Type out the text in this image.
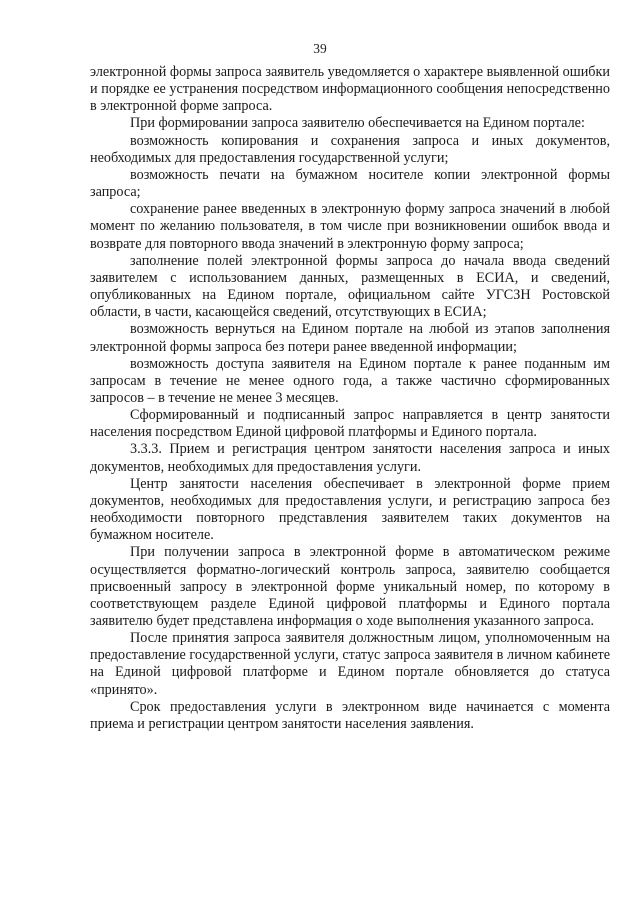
39

электронной формы запроса заявитель уведомляется о характере выявленной ошибки и порядке ее устранения посредством информационного сообщения непосредственно в электронной форме запроса.

При формировании запроса заявителю обеспечивается на Едином портале:

возможность копирования и сохранения запроса и иных документов, необходимых для предоставления государственной услуги;

возможность печати на бумажном носителе копии электронной формы запроса;

сохранение ранее введенных в электронную форму запроса значений в любой момент по желанию пользователя, в том числе при возникновении ошибок ввода и возврате для повторного ввода значений в электронную форму запроса;

заполнение полей электронной формы запроса до начала ввода сведений заявителем с использованием данных, размещенных в ЕСИА, и сведений, опубликованных на Едином портале, официальном сайте УГСЗН Ростовской области, в части, касающейся сведений, отсутствующих в ЕСИА;

возможность вернуться на Едином портале на любой из этапов заполнения электронной формы запроса без потери ранее введенной информации;

возможность доступа заявителя на Едином портале к ранее поданным им запросам в течение не менее одного года, а также частично сформированных запросов – в течение не менее 3 месяцев.

Сформированный и подписанный запрос направляется в центр занятости населения посредством Единой цифровой платформы и Единого портала.

3.3.3. Прием и регистрация центром занятости населения запроса и иных документов, необходимых для предоставления услуги.

Центр занятости населения обеспечивает в электронной форме прием документов, необходимых для предоставления услуги, и регистрацию запроса без необходимости повторного представления заявителем таких документов на бумажном носителе.

При получении запроса в электронной форме в автоматическом режиме осуществляется форматно-логический контроль запроса, заявителю сообщается присвоенный запросу в электронной форме уникальный номер, по которому в соответствующем разделе Единой цифровой платформы и Единого портала заявителю будет представлена информация о ходе выполнения указанного запроса.

После принятия запроса заявителя должностным лицом, уполномоченным на предоставление государственной услуги, статус запроса заявителя в личном кабинете на Единой цифровой платформе и Едином портале обновляется до статуса «принято».

Срок предоставления услуги в электронном виде начинается с момента приема и регистрации центром занятости населения заявления.
